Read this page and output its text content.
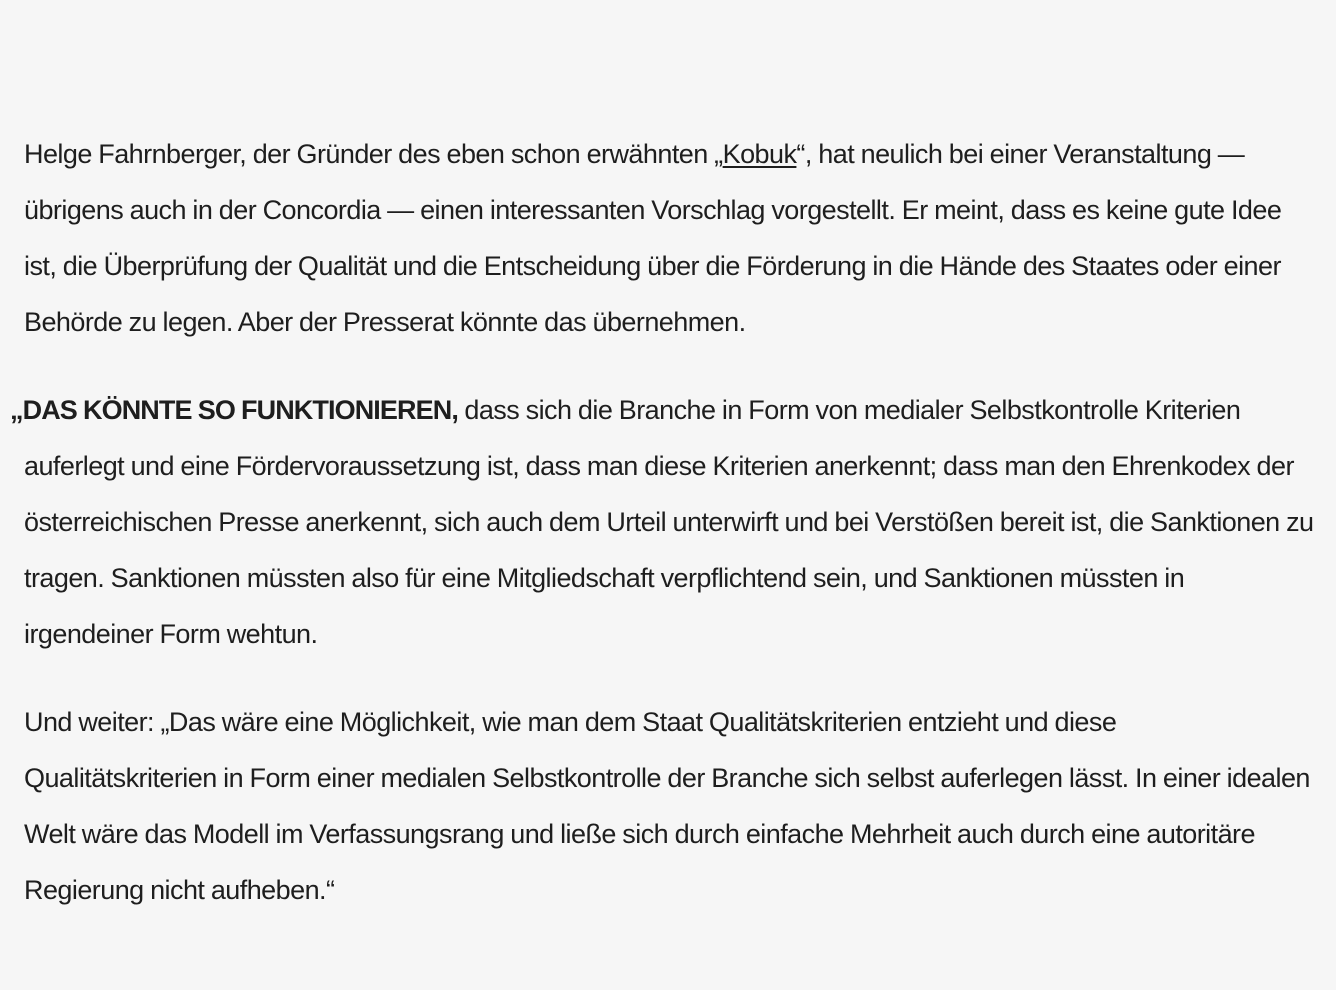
Helge Fahrnberger, der Gründer des eben schon erwähnten „Kobuk“, hat neulich bei einer Veranstaltung — übrigens auch in der Concordia — einen interessanten Vorschlag vorgestellt. Er meint, dass es keine gute Idee ist, die Überprüfung der Qualität und die Entscheidung über die Förderung in die Hände des Staates oder einer Behörde zu legen. Aber der Presserat könnte das übernehmen.

„DAS KÖNNTE SO FUNKTIONIEREN, dass sich die Branche in Form von medialer Selbstkontrolle Kriterien auferlegt und eine Fördervoraussetzung ist, dass man diese Kriterien anerkennt; dass man den Ehrenkodex der österreichischen Presse anerkennt, sich auch dem Urteil unterwirft und bei Verstößen bereit ist, die Sanktionen zu tragen. Sanktionen müssten also für eine Mitgliedschaft verpflichtend sein, und Sanktionen müssten in irgendeiner Form wehtun.

Und weiter: „Das wäre eine Möglichkeit, wie man dem Staat Qualitätskriterien entzieht und diese Qualitätskriterien in Form einer medialen Selbstkontrolle der Branche sich selbst auferlegen lässt. In einer idealen Welt wäre das Modell im Verfassungsrang und ließe sich durch einfache Mehrheit auch durch eine autoritäre Regierung nicht aufheben.“
